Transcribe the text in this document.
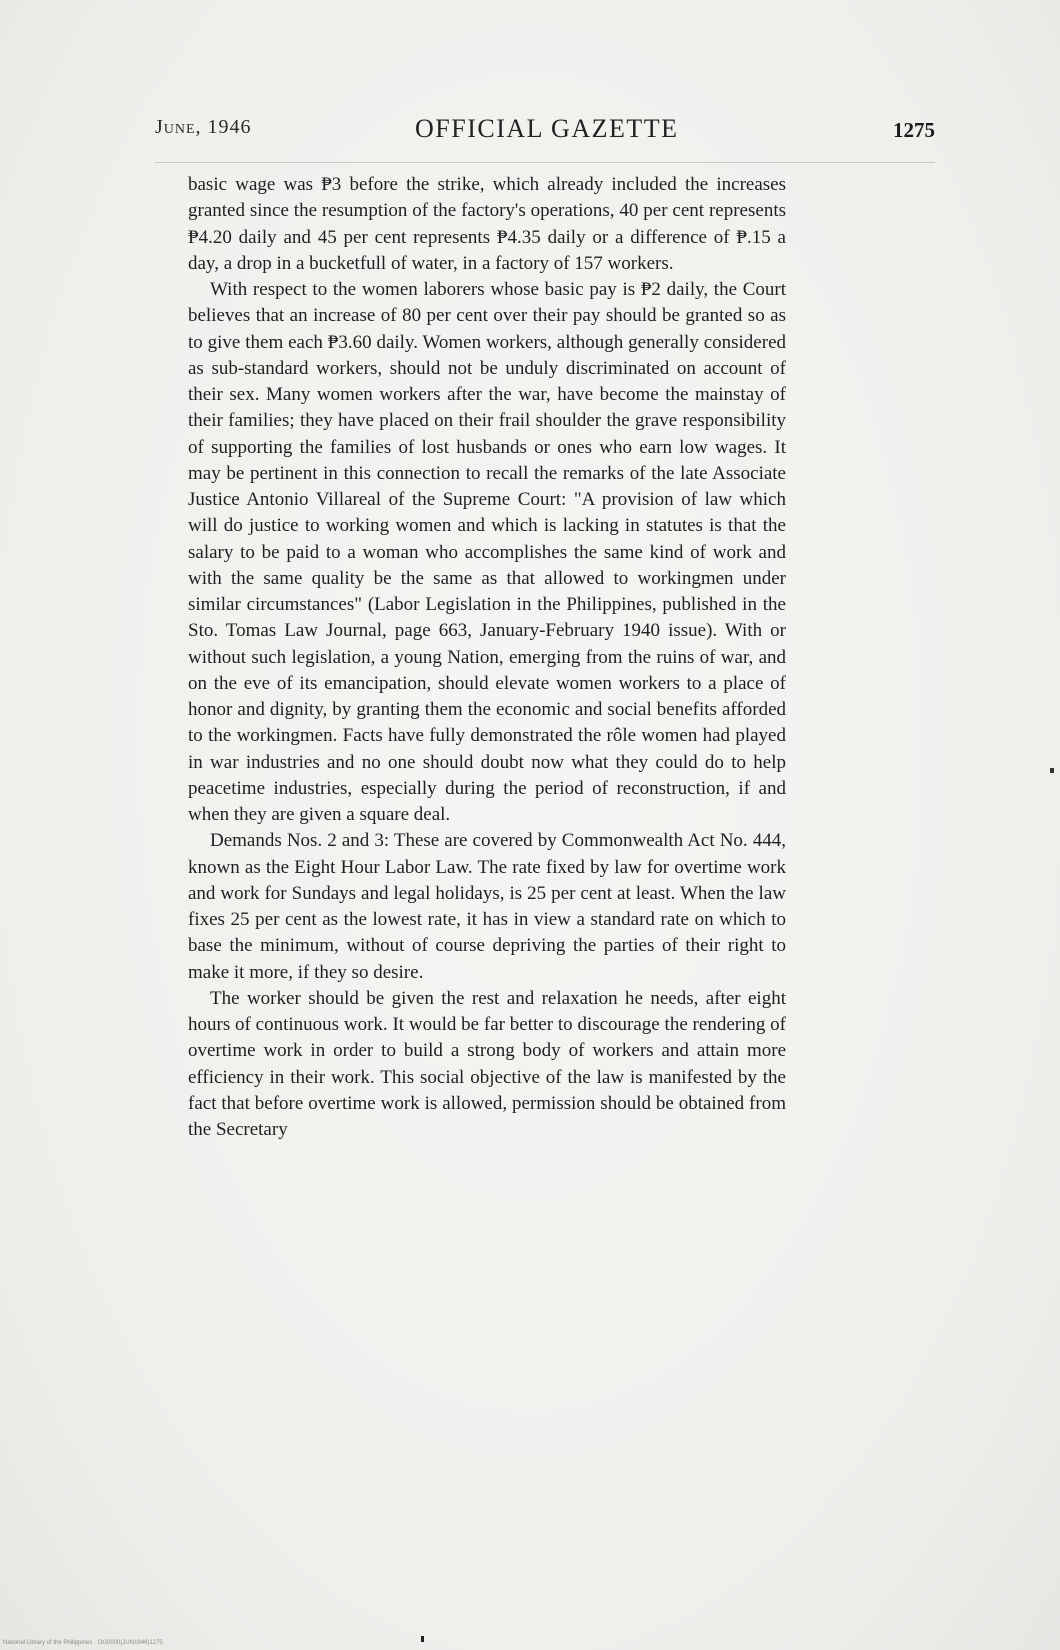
June, 1946	OFFICIAL GAZETTE	1275

basic wage was ₱3 before the strike, which already included the increases granted since the resumption of the factory's operations, 40 per cent represents ₱4.20 daily and 45 per cent represents ₱4.35 daily or a difference of ₱.15 a day, a drop in a bucketfull of water, in a factory of 157 workers.

With respect to the women laborers whose basic pay is ₱2 daily, the Court believes that an increase of 80 per cent over their pay should be granted so as to give them each ₱3.60 daily. Women workers, although generally considered as sub-standard workers, should not be unduly discriminated on account of their sex. Many women workers after the war, have become the mainstay of their families; they have placed on their frail shoulder the grave responsibility of supporting the families of lost husbands or ones who earn low wages. It may be pertinent in this connection to recall the remarks of the late Associate Justice Antonio Villareal of the Supreme Court: "A provision of law which will do justice to working women and which is lacking in statutes is that the salary to be paid to a woman who accomplishes the same kind of work and with the same quality be the same as that allowed to workingmen under similar circumstances" (Labor Legislation in the Philippines, published in the Sto. Tomas Law Journal, page 663, January-February 1940 issue). With or without such legislation, a young Nation, emerging from the ruins of war, and on the eve of its emancipation, should elevate women workers to a place of honor and dignity, by granting them the economic and social benefits afforded to the workingmen. Facts have fully demonstrated the rôle women had played in war industries and no one should doubt now what they could do to help peacetime industries, especially during the period of reconstruction, if and when they are given a square deal.

Demands Nos. 2 and 3: These are covered by Commonwealth Act No. 444, known as the Eight Hour Labor Law. The rate fixed by law for overtime work and work for Sundays and legal holidays, is 25 per cent at least. When the law fixes 25 per cent as the lowest rate, it has in view a standard rate on which to base the minimum, without of course depriving the parties of their right to make it more, if they so desire.

The worker should be given the rest and relaxation he needs, after eight hours of continuous work. It would be far better to discourage the rendering of overtime work in order to build a strong body of workers and attain more efficiency in their work. This social objective of the law is manifested by the fact that before overtime work is allowed, permission should be obtained from the Secretary

National Library of the Philippines · OG0000(JUN1946)1275
